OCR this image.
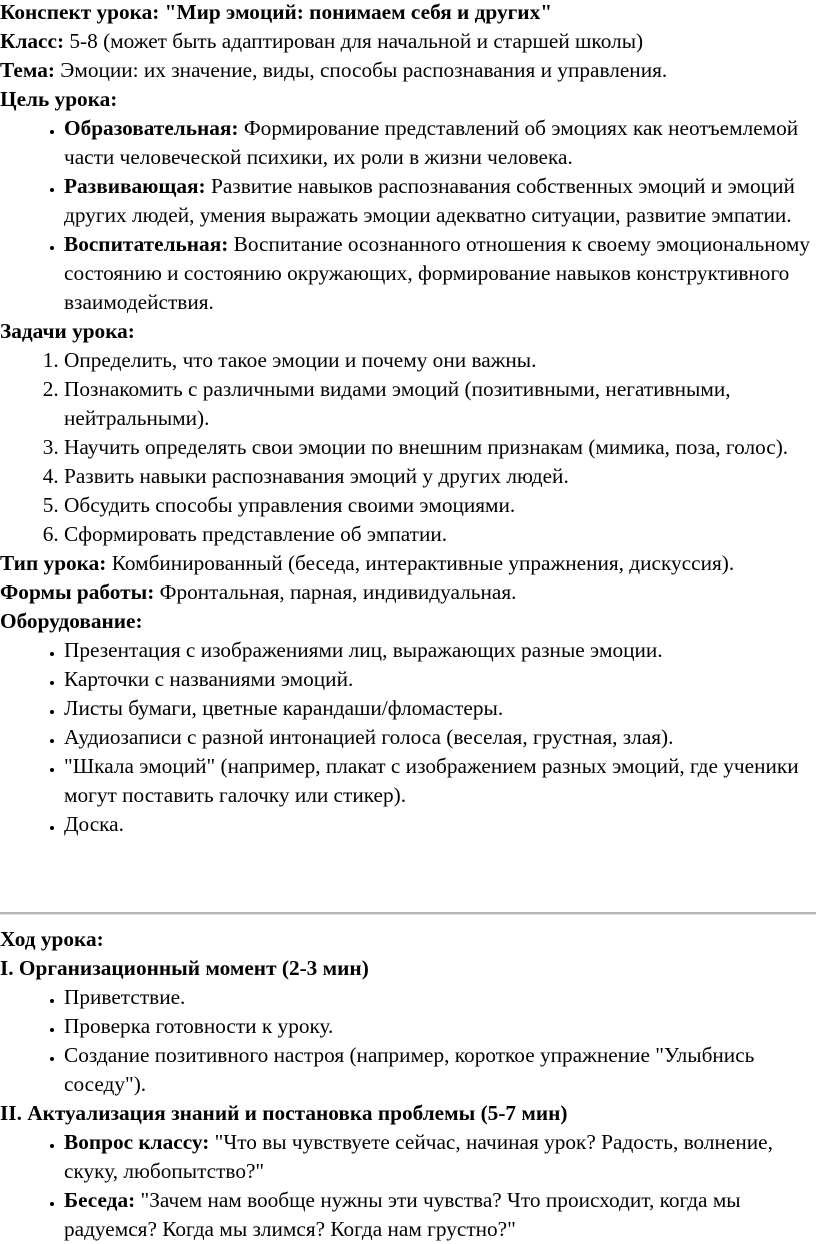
Конспект урока: "Мир эмоций: понимаем себя и других"

Класс: 5-8 (может быть адаптирован для начальной и старшей школы)

Тема: Эмоции: их значение, виды, способы распознавания и управления.

Цель урока:

• Образовательная: Формирование представлений об эмоциях как неотъемлемой части человеческой психики, их роли в жизни человека.
• Развивающая: Развитие навыков распознавания собственных эмоций и эмоций других людей, умения выражать эмоции адекватно ситуации, развитие эмпатии.
• Воспитательная: Воспитание осознанного отношения к своему эмоциональному состоянию и состоянию окружающих, формирование навыков конструктивного взаимодействия.

Задачи урока:

1. Определить, что такое эмоции и почему они важны.
2. Познакомить с различными видами эмоций (позитивными, негативными, нейтральными).
3. Научить определять свои эмоции по внешним признакам (мимика, поза, голос).
4. Развить навыки распознавания эмоций у других людей.
5. Обсудить способы управления своими эмоциями.
6. Сформировать представление об эмпатии.

Тип урока: Комбинированный (беседа, интерактивные упражнения, дискуссия).

Формы работы: Фронтальная, парная, индивидуальная.

Оборудование:

• Презентация с изображениями лиц, выражающих разные эмоции.
• Карточки с названиями эмоций.
• Листы бумаги, цветные карандаши/фломастеры.
• Аудиозаписи с разной интонацией голоса (веселая, грустная, злая).
• "Шкала эмоций" (например, плакат с изображением разных эмоций, где ученики могут поставить галочку или стикер).
• Доска.

Ход урока:

I. Организационный момент (2-3 мин)

• Приветствие.
• Проверка готовности к уроку.
• Создание позитивного настроя (например, короткое упражнение "Улыбнись соседу").

II. Актуализация знаний и постановка проблемы (5-7 мин)

• Вопрос классу: "Что вы чувствуете сейчас, начиная урок? Радость, волнение, скуку, любопытство?"
• Беседа: "Зачем нам вообще нужны эти чувства? Что происходит, когда мы радуемся? Когда мы злимся? Когда нам грустно?"
